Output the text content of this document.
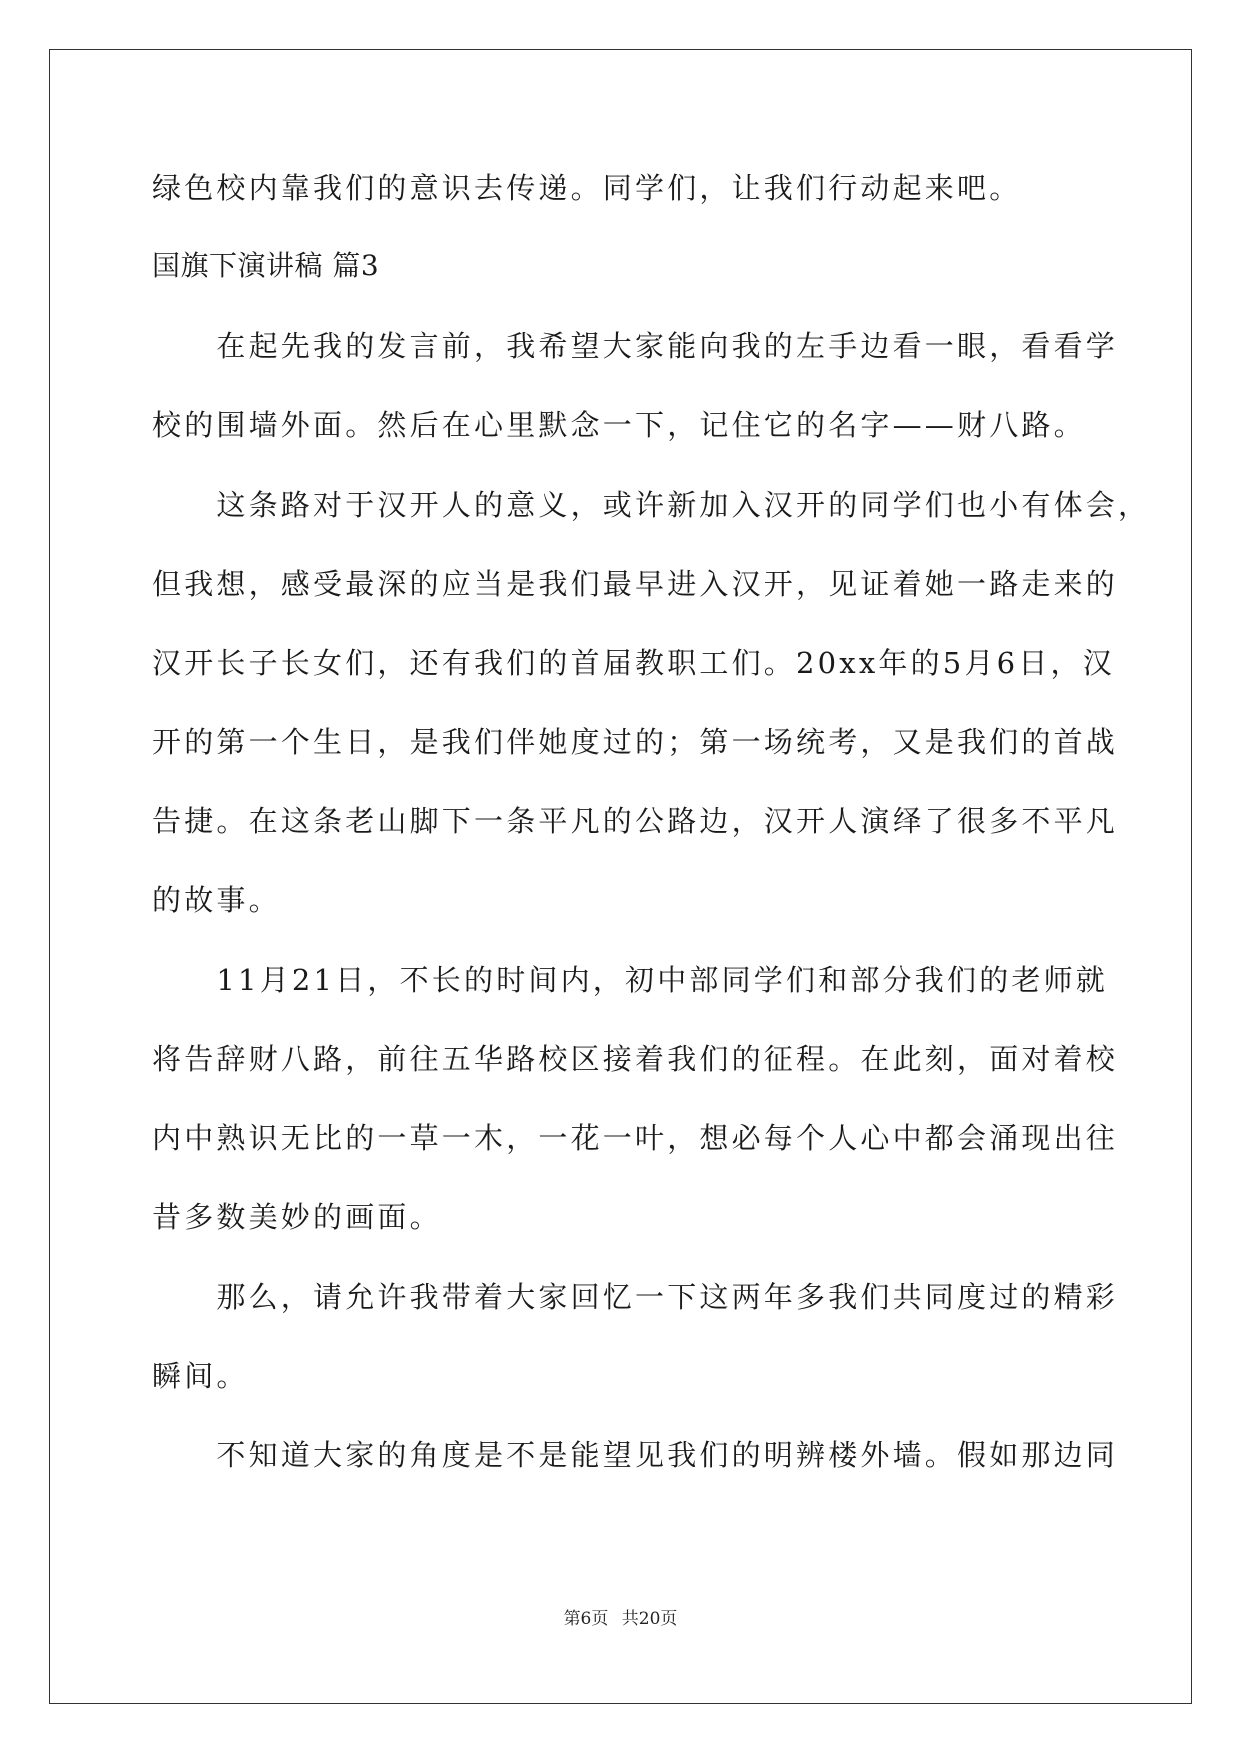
绿色校内靠我们的意识去传递。同学们，让我们行动起来吧。
国旗下演讲稿 篇3
　　在起先我的发言前，我希望大家能向我的左手边看一眼，看看学
校的围墙外面。然后在心里默念一下，记住它的名字——财八路。
　　这条路对于汉开人的意义，或许新加入汉开的同学们也小有体会，
但我想，感受最深的应当是我们最早进入汉开，见证着她一路走来的
汉开长子长女们，还有我们的首届教职工们。20xx年的5月6日，汉
开的第一个生日，是我们伴她度过的；第一场统考，又是我们的首战
告捷。在这条老山脚下一条平凡的公路边，汉开人演绎了很多不平凡
的故事。
　　11月21日，不长的时间内，初中部同学们和部分我们的老师就
将告辞财八路，前往五华路校区接着我们的征程。在此刻，面对着校
内中熟识无比的一草一木，一花一叶，想必每个人心中都会涌现出往
昔多数美妙的画面。
　　那么，请允许我带着大家回忆一下这两年多我们共同度过的精彩
瞬间。
　　不知道大家的角度是不是能望见我们的明辨楼外墙。假如那边同
第6页 共20页
